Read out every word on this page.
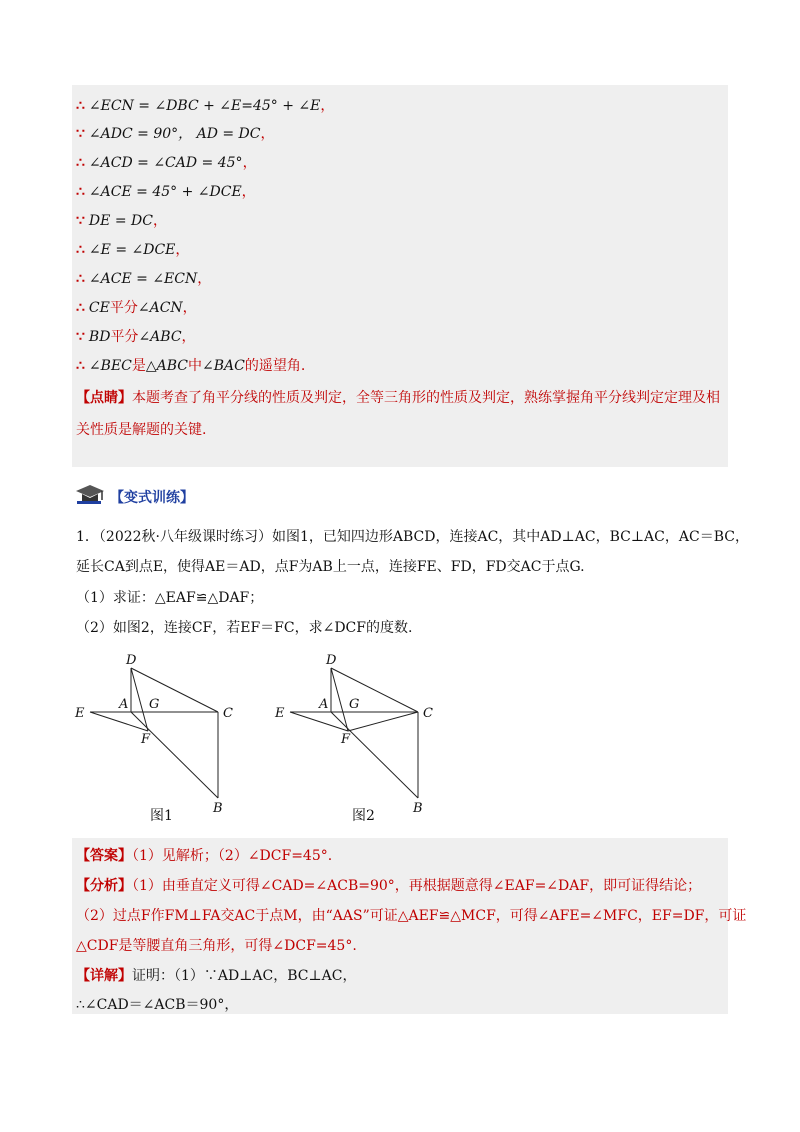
∴ ∠ECN = ∠DBC + ∠E=45° + ∠E，
∵ ∠ADC = 90°， AD = DC，
∴ ∠ACD = ∠CAD = 45°，
∴ ∠ACE = 45° + ∠DCE，
∵ DE = DC，
∴ ∠E = ∠DCE，
∴ ∠ACE = ∠ECN，
∴ CE平分∠ACN，
∵ BD平分∠ABC，
∴ ∠BEC是△ABC中∠BAC的遥望角.
【点睛】本题考查了角平分线的性质及判定，全等三角形的性质及判定，熟练掌握角平分线判定定理及相
关性质是解题的关键.
【变式训练】
1．（2022秋·八年级课时练习）如图1，已知四边形ABCD，连接AC，其中AD⊥AC，BC⊥AC，AC＝BC，
延长CA到点E，使得AE＝AD，点F为AB上一点，连接FE、FD，FD交AC于点G.
（1）求证：△EAF≌△DAF；
（2）如图2，连接CF，若EF＝FC，求∠DCF的度数.
D
A G
E	C
F
B
图1
D
A G
E	C
F
B
图2
【答案】（1）见解析；（2）∠DCF=45°.
【分析】（1）由垂直定义可得∠CAD=∠ACB=90°，再根据题意得∠EAF=∠DAF，即可证得结论；
（2）过点F作FM⊥FA交AC于点M，由“AAS”可证△AEF≌△MCF，可得∠AFE=∠MFC，EF=DF，可证
△CDF是等腰直角三角形，可得∠DCF=45°.
【详解】证明：（1）∵AD⊥AC，BC⊥AC，
∴∠CAD＝∠ACB＝90°，
